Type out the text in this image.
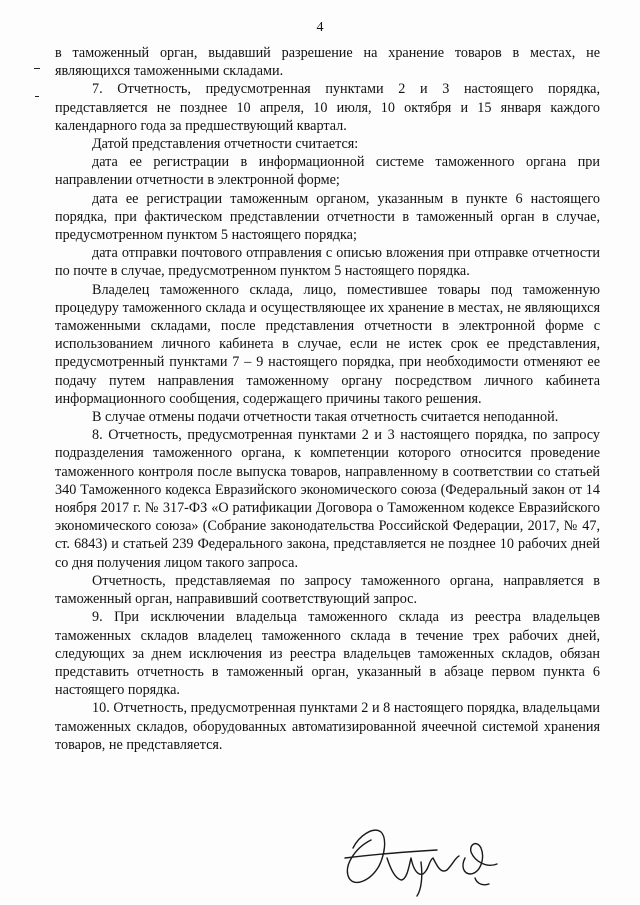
4

в таможенный орган, выдавший разрешение на хранение товаров в местах, не являющихся таможенными складами.

7. Отчетность, предусмотренная пунктами 2 и 3 настоящего порядка, представляется не позднее 10 апреля, 10 июля, 10 октября и 15 января каждого календарного года за предшествующий квартал.

Датой представления отчетности считается:

дата ее регистрации в информационной системе таможенного органа при направлении отчетности в электронной форме;

дата ее регистрации таможенным органом, указанным в пункте 6 настоящего порядка, при фактическом представлении отчетности в таможенный орган в случае, предусмотренном пунктом 5 настоящего порядка;

дата отправки почтового отправления с описью вложения при отправке отчетности по почте в случае, предусмотренном пунктом 5 настоящего порядка.

Владелец таможенного склада, лицо, поместившее товары под таможенную процедуру таможенного склада и осуществляющее их хранение в местах, не являющихся таможенными складами, после представления отчетности в электронной форме с использованием личного кабинета в случае, если не истек срок ее представления, предусмотренный пунктами 7 – 9 настоящего порядка, при необходимости отменяют ее подачу путем направления таможенному органу посредством личного кабинета информационного сообщения, содержащего причины такого решения.

В случае отмены подачи отчетности такая отчетность считается неподанной.

8. Отчетность, предусмотренная пунктами 2 и 3 настоящего порядка, по запросу подразделения таможенного органа, к компетенции которого относится проведение таможенного контроля после выпуска товаров, направленному в соответствии со статьей 340 Таможенного кодекса Евразийского экономического союза (Федеральный закон от 14 ноября 2017 г. № 317-ФЗ «О ратификации Договора о Таможенном кодексе Евразийского экономического союза» (Собрание законодательства Российской Федерации, 2017, № 47, ст. 6843) и статьей 239 Федерального закона, представляется не позднее 10 рабочих дней со дня получения лицом такого запроса.

Отчетность, представляемая по запросу таможенного органа, направляется в таможенный орган, направивший соответствующий запрос.

9. При исключении владельца таможенного склада из реестра владельцев таможенных складов владелец таможенного склада в течение трех рабочих дней, следующих за днем исключения из реестра владельцев таможенных складов, обязан представить отчетность в таможенный орган, указанный в абзаце первом пункта 6 настоящего порядка.

10. Отчетность, предусмотренная пунктами 2 и 8 настоящего порядка, владельцами таможенных складов, оборудованных автоматизированной ячеечной системой хранения товаров, не представляется.
